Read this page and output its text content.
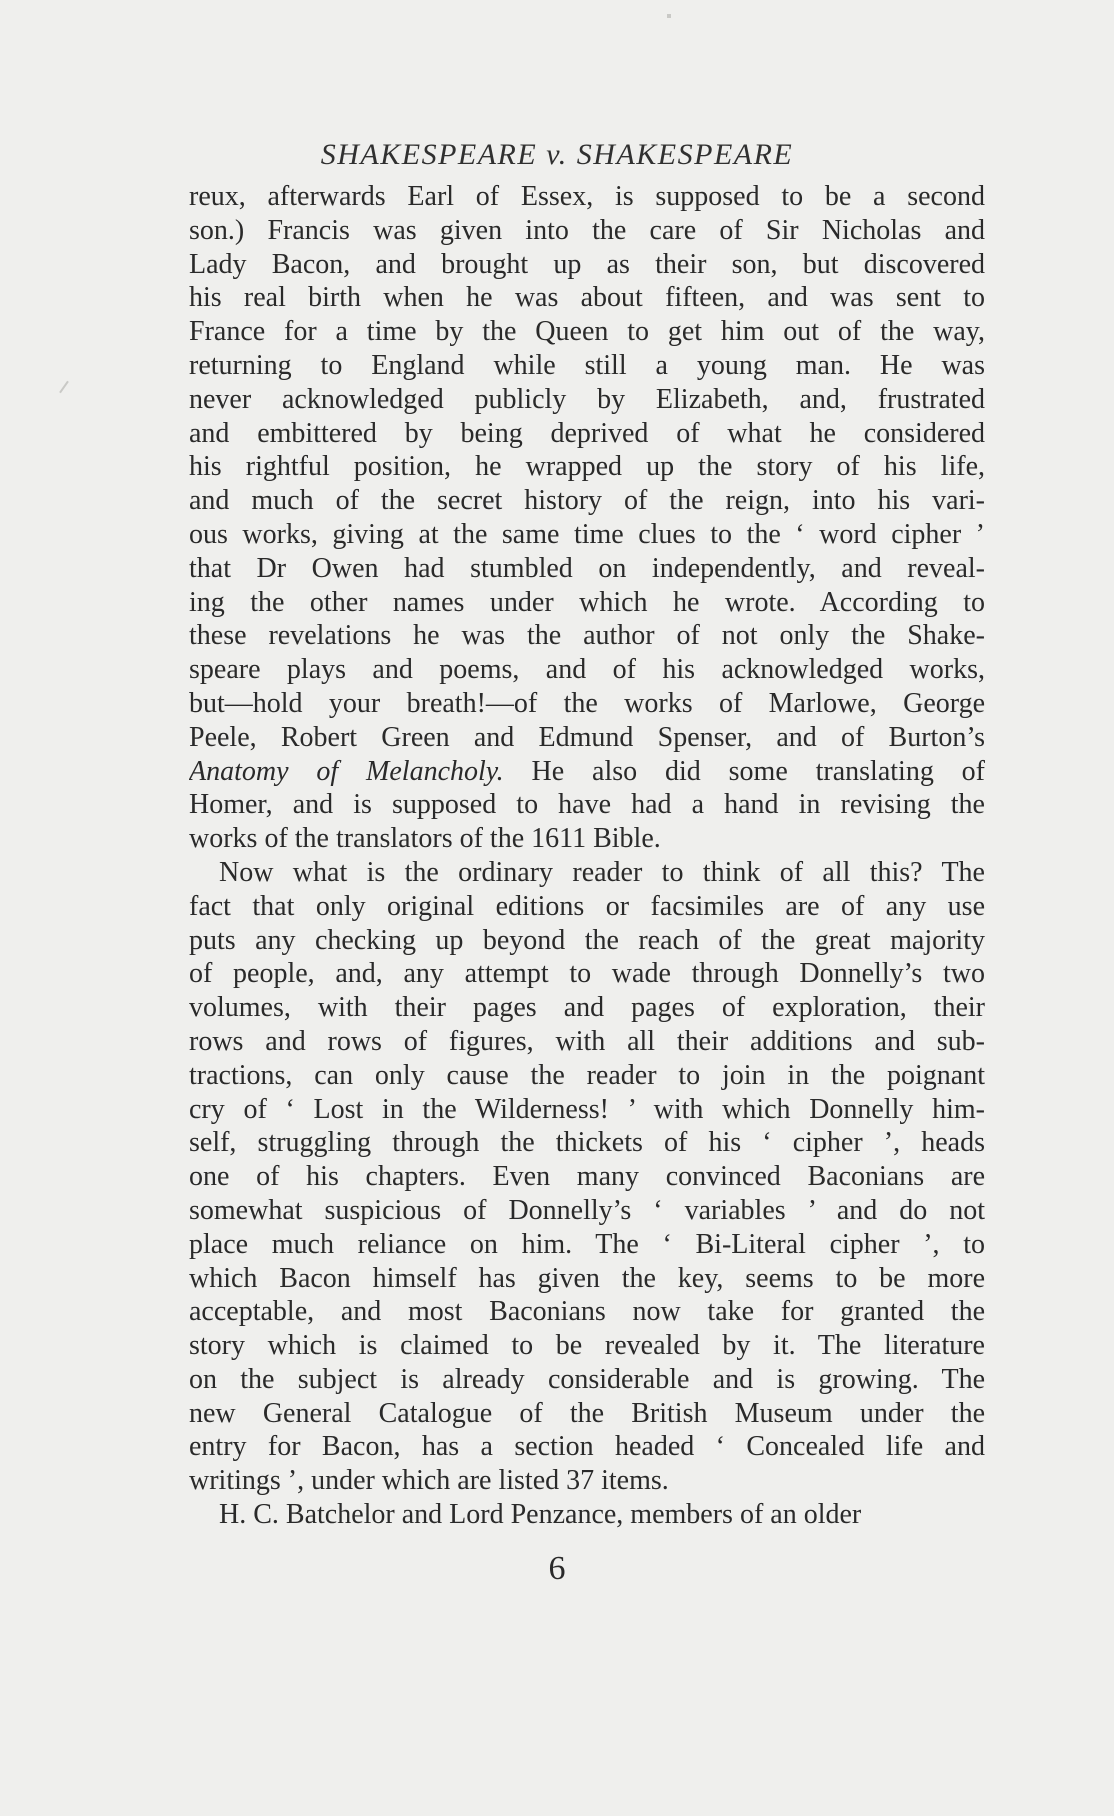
SHAKESPEARE v. SHAKESPEARE
reux, afterwards Earl of Essex, is supposed to be a second
son.) Francis was given into the care of Sir Nicholas and
Lady Bacon, and brought up as their son, but discovered
his real birth when he was about fifteen, and was sent to
France for a time by the Queen to get him out of the way,
returning to England while still a young man. He was
never acknowledged publicly by Elizabeth, and, frustrated
and embittered by being deprived of what he considered
his rightful position, he wrapped up the story of his life,
and much of the secret history of the reign, into his vari-
ous works, giving at the same time clues to the ‘ word cipher ’
that Dr Owen had stumbled on independently, and reveal-
ing the other names under which he wrote. According to
these revelations he was the author of not only the Shake-
speare plays and poems, and of his acknowledged works,
but—hold your breath!—of the works of Marlowe, George
Peele, Robert Green and Edmund Spenser, and of Burton’s
Anatomy of Melancholy. He also did some translating of
Homer, and is supposed to have had a hand in revising the
works of the translators of the 1611 Bible.
Now what is the ordinary reader to think of all this? The
fact that only original editions or facsimiles are of any use
puts any checking up beyond the reach of the great majority
of people, and, any attempt to wade through Donnelly’s two
volumes, with their pages and pages of exploration, their
rows and rows of figures, with all their additions and sub-
tractions, can only cause the reader to join in the poignant
cry of ‘ Lost in the Wilderness! ’ with which Donnelly him-
self, struggling through the thickets of his ‘ cipher ’, heads
one of his chapters. Even many convinced Baconians are
somewhat suspicious of Donnelly’s ‘ variables ’ and do not
place much reliance on him. The ‘ Bi-Literal cipher ’, to
which Bacon himself has given the key, seems to be more
acceptable, and most Baconians now take for granted the
story which is claimed to be revealed by it. The literature
on the subject is already considerable and is growing. The
new General Catalogue of the British Museum under the
entry for Bacon, has a section headed ‘ Concealed life and
writings ’, under which are listed 37 items.
H. C. Batchelor and Lord Penzance, members of an older
6
